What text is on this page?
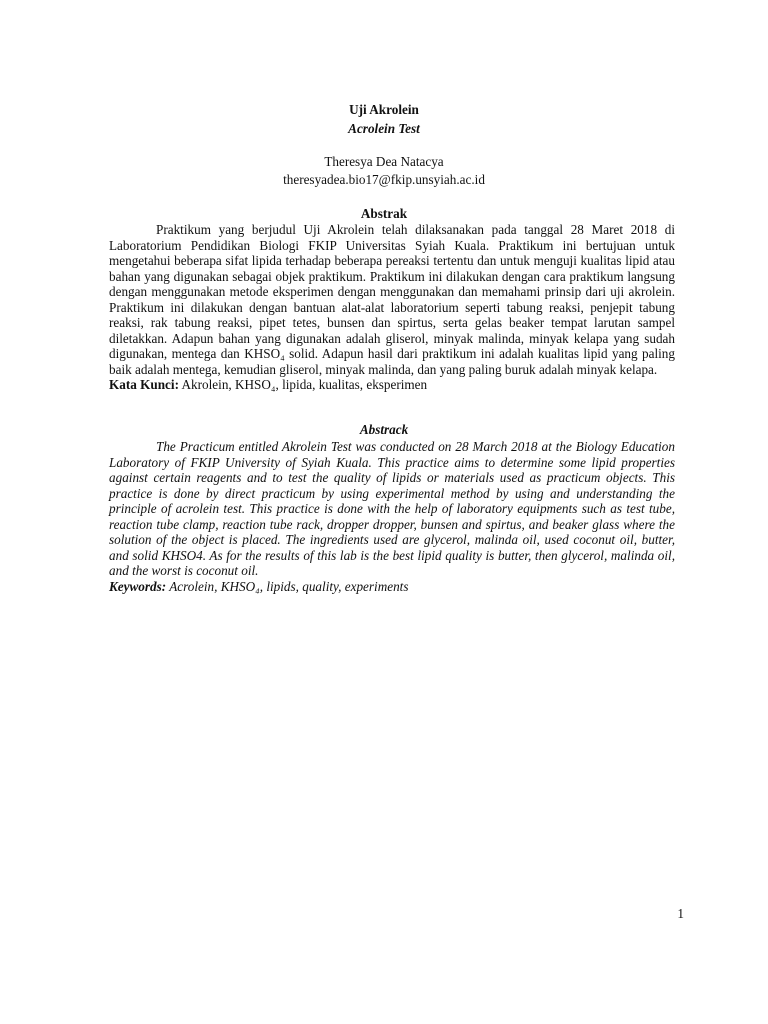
Uji Akrolein
Acrolein Test
Theresya Dea Natacya
theresyadea.bio17@fkip.unsyiah.ac.id
Abstrak

Praktikum yang berjudul Uji Akrolein telah dilaksanakan pada tanggal 28 Maret 2018 di Laboratorium Pendidikan Biologi FKIP Universitas Syiah Kuala. Praktikum ini bertujuan untuk mengetahui beberapa sifat lipida terhadap beberapa pereaksi tertentu dan untuk menguji kualitas lipid atau bahan yang digunakan sebagai objek praktikum. Praktikum ini dilakukan dengan cara praktikum langsung dengan menggunakan metode eksperimen dengan menggunakan dan memahami prinsip dari uji akrolein. Praktikum ini dilakukan dengan bantuan alat-alat laboratorium seperti tabung reaksi, penjepit tabung reaksi, rak tabung reaksi, pipet tetes, bunsen dan spirtus, serta gelas beaker tempat larutan sampel diletakkan. Adapun bahan yang digunakan adalah gliserol, minyak malinda, minyak kelapa yang sudah digunakan, mentega dan KHSO₄ solid. Adapun hasil dari praktikum ini adalah kualitas lipid yang paling baik adalah mentega, kemudian gliserol, minyak malinda, dan yang paling buruk adalah minyak kelapa.

Kata Kunci: Akrolein, KHSO₄, lipida, kualitas, eksperimen
Abstrack

The Practicum entitled Akrolein Test was conducted on 28 March 2018 at the Biology Education Laboratory of FKIP University of Syiah Kuala. This practice aims to determine some lipid properties against certain reagents and to test the quality of lipids or materials used as practicum objects. This practice is done by direct practicum by using experimental method by using and understanding the principle of acrolein test. This practice is done with the help of laboratory equipments such as test tube, reaction tube clamp, reaction tube rack, dropper dropper, bunsen and spirtus, and beaker glass where the solution of the object is placed. The ingredients used are glycerol, malinda oil, used coconut oil, butter, and solid KHSO4. As for the results of this lab is the best lipid quality is butter, then glycerol, malinda oil, and the worst is coconut oil.

Keywords: Acrolein, KHSO₄, lipids, quality, experiments
1
